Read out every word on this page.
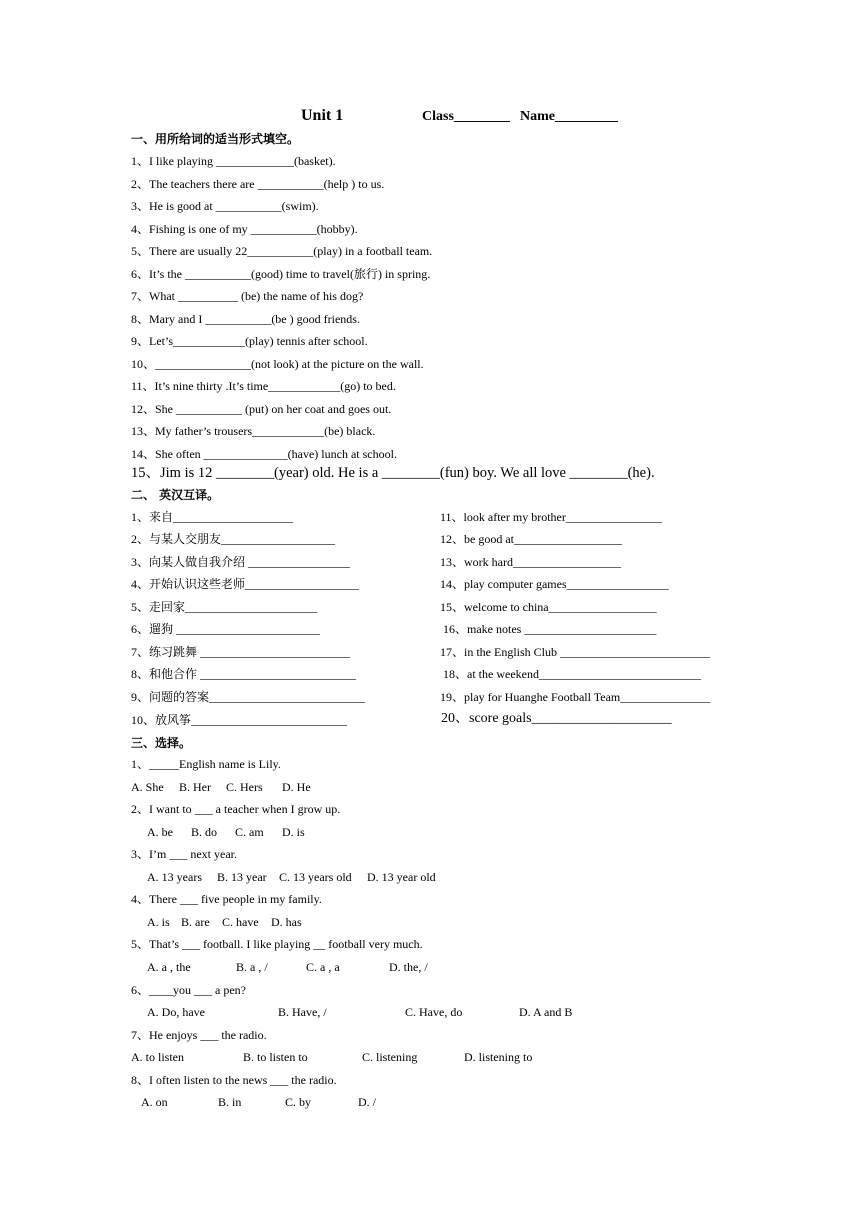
Unit 1	Class________ Name_________
一、用所给词的适当形式填空。
1、I like playing _____________(basket).
2、The teachers there are ___________(help ) to us.
3、He is good at ___________(swim).
4、Fishing is one of my ___________(hobby).
5、There are usually 22___________(play) in a football team.
6、It’s the ___________(good) time to travel(旅行) in spring.
7、What __________ (be) the name of his dog?
8、Mary and I ___________(be ) good friends.
9、Let’s____________(play) tennis after school.
10、________________(not look) at the picture on the wall.
11、It’s nine thirty .It’s time____________(go) to bed.
12、She ___________ (put) on her coat and goes out.
13、My father’s trousers____________(be) black.
14、She often ______________(have) lunch at school.
15、Jim is 12 ________(year) old. He is a ________(fun) boy. We all love ________(he).
二、 英汉互译。
1、来自____________________
2、与某人交朋友___________________
3、向某人做自我介绍 _________________
4、开始认识这些老师___________________
5、走回家______________________
6、遛狗 ________________________
7、练习跳舞 _________________________
8、和他合作 __________________________
9、问题的答案__________________________
10、放风筝__________________________
11、look after my brother________________
12、be good at__________________
13、work hard__________________
14、play computer games_________________
15、welcome to china__________________
16、make notes ______________________
17、in the English Club _________________________
18、at the weekend___________________________
19、play for Huanghe Football Team_______________
20、score goals____________________
三、选择。
1、_____English name is Lily.
A. She B. Her C. Hers D. He
2、I want to ___ a teacher when I grow up.
A. be B. do C. am D. is
3、I’m ___ next year.
A. 13 years B. 13 year C. 13 years old D. 13 year old
4、There ___ five people in my family.
A. is B. are C. have D. has
5、That’s ___ football. I like playing __ football very much.
A. a , the	B. a , /	C. a , a	D. the, /
6、____you ___ a pen?
A. Do, have	B. Have, /	C. Have, do	D. A and B
7、He enjoys ___ the radio.
A. to listen	B. to listen to	C. listening	D. listening to
8、I often listen to the news ___ the radio.
A. on	B. in	C. by	D. /
